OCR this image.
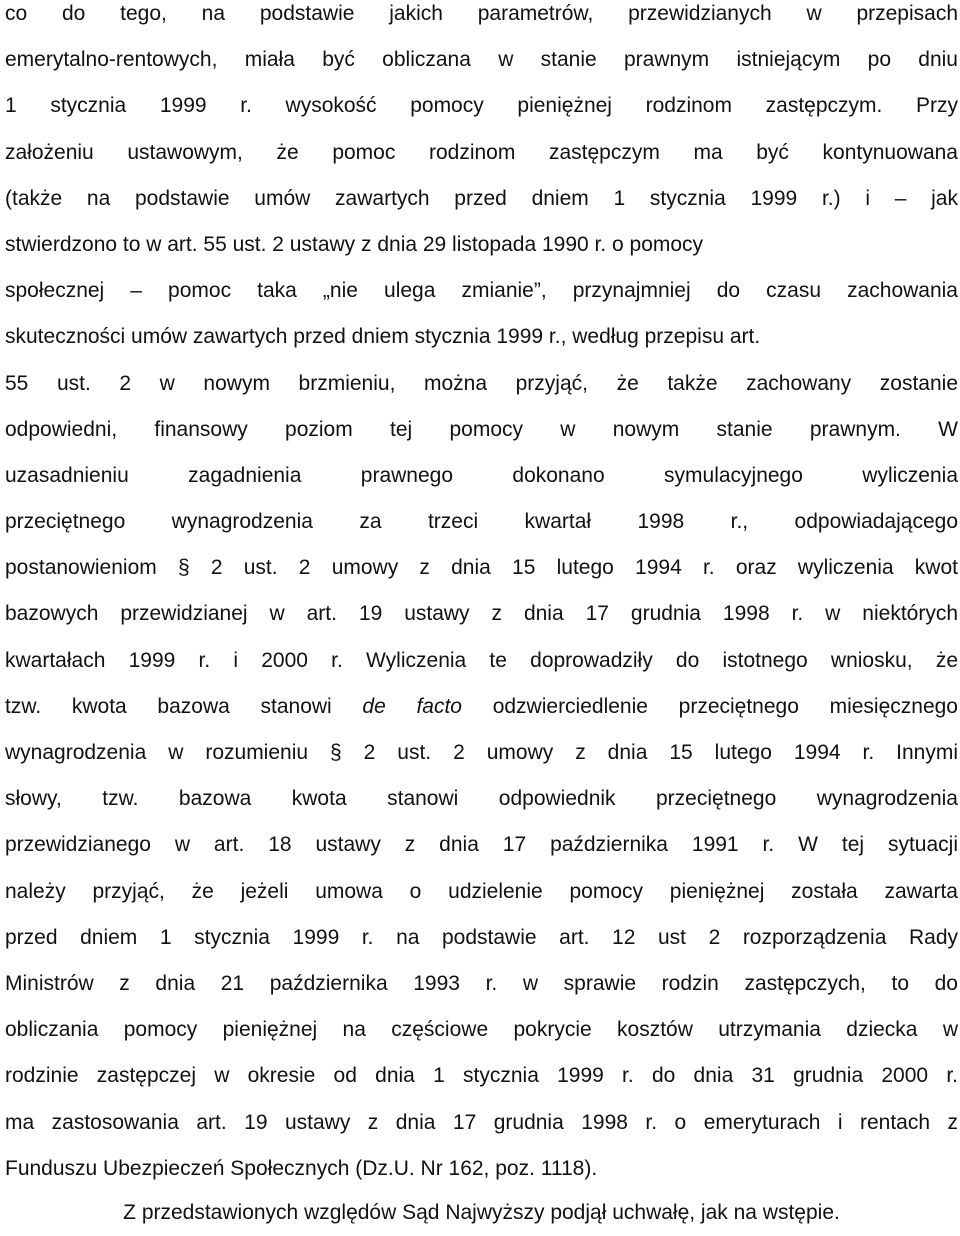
co do tego, na podstawie jakich parametrów, przewidzianych w przepisach
emerytalno-rentowych, miała być obliczana w stanie prawnym istniejącym po dniu
1 stycznia 1999 r. wysokość pomocy pieniężnej rodzinom zastępczym. Przy
założeniu ustawowym, że pomoc rodzinom zastępczym ma być kontynuowana
(także na podstawie umów zawartych przed dniem 1 stycznia 1999 r.) i – jak
stwierdzono to w art. 55 ust. 2 ustawy z dnia 29 listopada 1990 r. o pomocy
społecznej – pomoc taka „nie ulega zmianie”, przynajmniej do czasu zachowania
skuteczności umów zawartych przed dniem stycznia 1999 r., według przepisu art.
55 ust. 2 w nowym brzmieniu, można przyjąć, że także zachowany zostanie
odpowiedni, finansowy poziom tej pomocy w nowym stanie prawnym. W
uzasadnieniu zagadnienia prawnego dokonano symulacyjnego wyliczenia
przeciętnego wynagrodzenia za trzeci kwartał 1998 r., odpowiadającego
postanowieniom § 2 ust. 2 umowy z dnia 15 lutego 1994 r. oraz wyliczenia kwot
bazowych przewidzianej w art. 19 ustawy z dnia 17 grudnia 1998 r. w niektórych
kwartałach 1999 r. i 2000 r. Wyliczenia te doprowadziły do istotnego wniosku, że
tzw. kwota bazowa stanowi de facto odzwierciedlenie przeciętnego miesięcznego
wynagrodzenia w rozumieniu § 2 ust. 2 umowy z dnia 15 lutego 1994 r. Innymi
słowy, tzw. bazowa kwota stanowi odpowiednik przeciętnego wynagrodzenia
przewidzianego w art. 18 ustawy z dnia 17 października 1991 r. W tej sytuacji
należy przyjąć, że jeżeli umowa o udzielenie pomocy pieniężnej została zawarta
przed dniem 1 stycznia 1999 r. na podstawie art. 12 ust 2 rozporządzenia Rady
Ministrów z dnia 21 października 1993 r. w sprawie rodzin zastępczych, to do
obliczania pomocy pieniężnej na częściowe pokrycie kosztów utrzymania dziecka w
rodzinie zastępczej w okresie od dnia 1 stycznia 1999 r. do dnia 31 grudnia 2000 r.
ma zastosowania art. 19 ustawy z dnia 17 grudnia 1998 r. o emeryturach i rentach z
Funduszu Ubezpieczeń Społecznych (Dz.U. Nr 162, poz. 1118).
Z przedstawionych względów Sąd Najwyższy podjął uchwałę, jak na wstępie.
